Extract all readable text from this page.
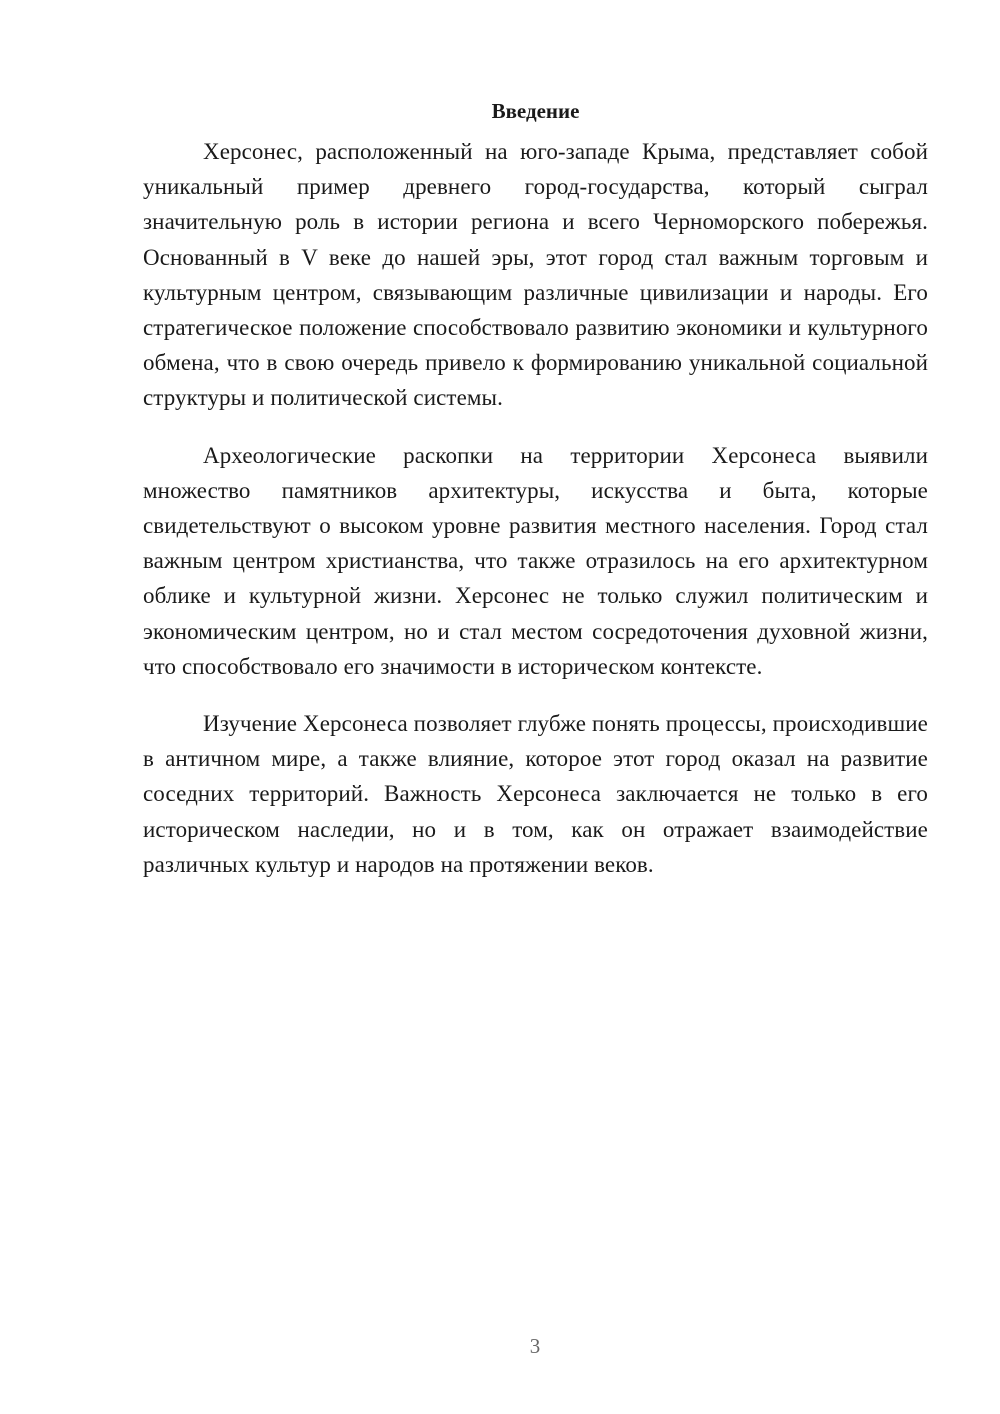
Введение

Херсонес, расположенный на юго-западе Крыма, представляет собой уникальный пример древнего город-государства, который сыграл значительную роль в истории региона и всего Черноморского побережья. Основанный в V веке до нашей эры, этот город стал важным торговым и культурным центром, связывающим различные цивилизации и народы. Его стратегическое положение способствовало развитию экономики и культурного обмена, что в свою очередь привело к формированию уникальной социальной структуры и политической системы.

Археологические раскопки на территории Херсонеса выявили множество памятников архитектуры, искусства и быта, которые свидетельствуют о высоком уровне развития местного населения. Город стал важным центром христианства, что также отразилось на его архитектурном облике и культурной жизни. Херсонес не только служил политическим и экономическим центром, но и стал местом сосредоточения духовной жизни, что способствовало его значимости в историческом контексте.

Изучение Херсонеса позволяет глубже понять процессы, происходившие в античном мире, а также влияние, которое этот город оказал на развитие соседних территорий. Важность Херсонеса заключается не только в его историческом наследии, но и в том, как он отражает взаимодействие различных культур и народов на протяжении веков.

3
